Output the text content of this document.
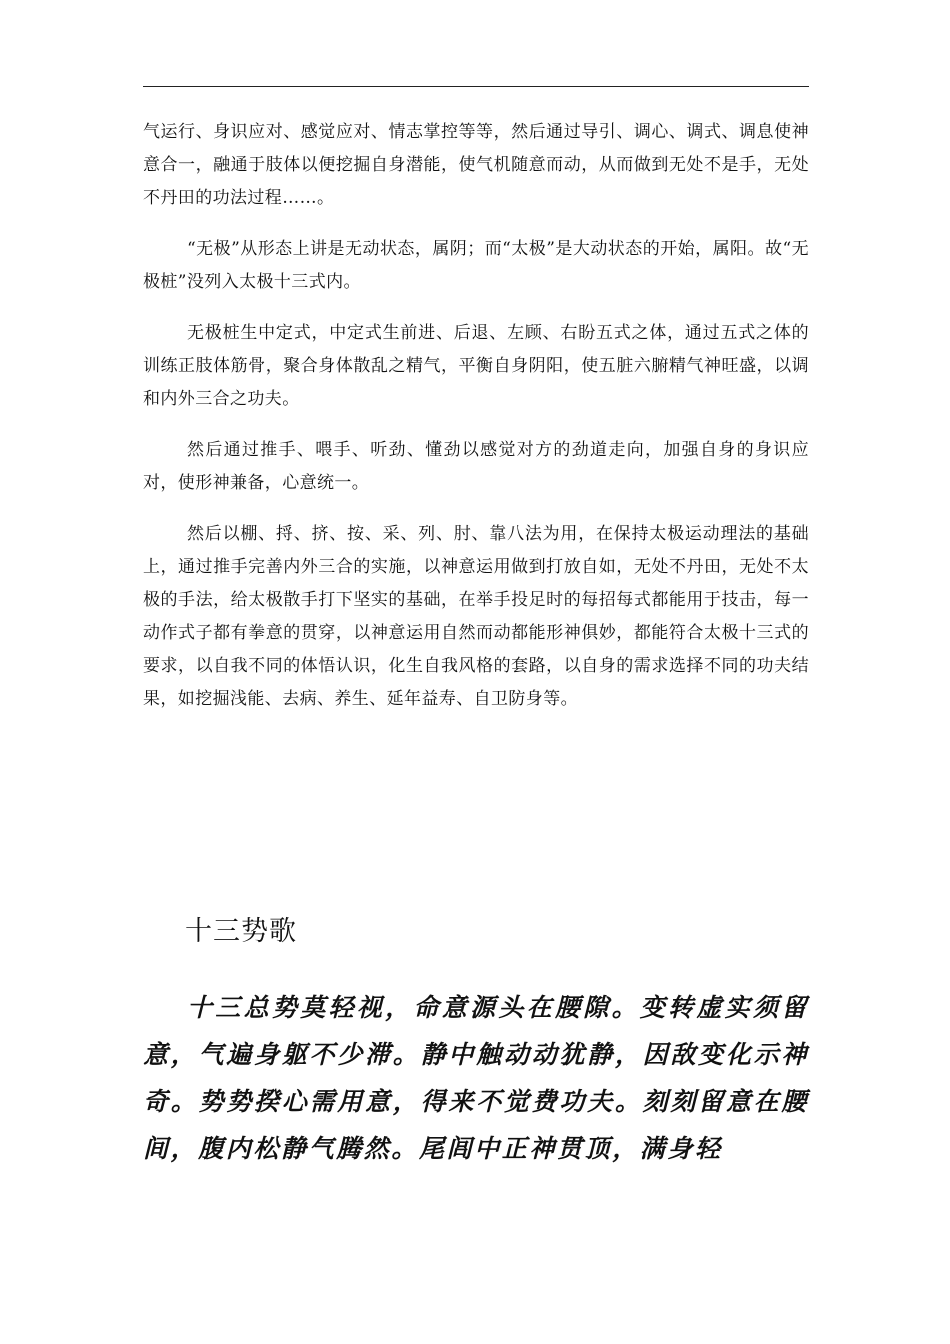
气运行、身识应对、感觉应对、情志掌控等等，然后通过导引、调心、调式、调息使神意合一，融通于肢体以便挖掘自身潜能，使气机随意而动，从而做到无处不是手，无处不丹田的功法过程……。

“无极”从形态上讲是无动状态，属阴；而“太极”是大动状态的开始，属阳。故“无极桩”没列入太极十三式内。

无极桩生中定式，中定式生前进、后退、左顾、右盼五式之体，通过五式之体的训练正肢体筋骨，聚合身体散乱之精气，平衡自身阴阳，使五脏六腑精气神旺盛，以调和内外三合之功夫。

然后通过推手、喂手、听劲、懂劲以感觉对方的劲道走向，加强自身的身识应对，使形神兼备，心意统一。

然后以棚、捋、挤、按、采、列、肘、靠八法为用，在保持太极运动理法的基础上，通过推手完善内外三合的实施，以神意运用做到打放自如，无处不丹田，无处不太极的手法，给太极散手打下坚实的基础，在举手投足时的每招每式都能用于技击，每一动作式子都有拳意的贯穿，以神意运用自然而动都能形神俱妙，都能符合太极十三式的要求，以自我不同的体悟认识，化生自我风格的套路，以自身的需求选择不同的功夫结果，如挖掘浅能、去病、养生、延年益寿、自卫防身等。

十三势歌

十三总势莫轻视，命意源头在腰隙。变转虚实须留意，气遍身躯不少滞。静中触动动犹静，因敌变化示神奇。势势揆心需用意，得来不觉费功夫。刻刻留意在腰间，腹内松静气腾然。尾闾中正神贯顶，满身轻
